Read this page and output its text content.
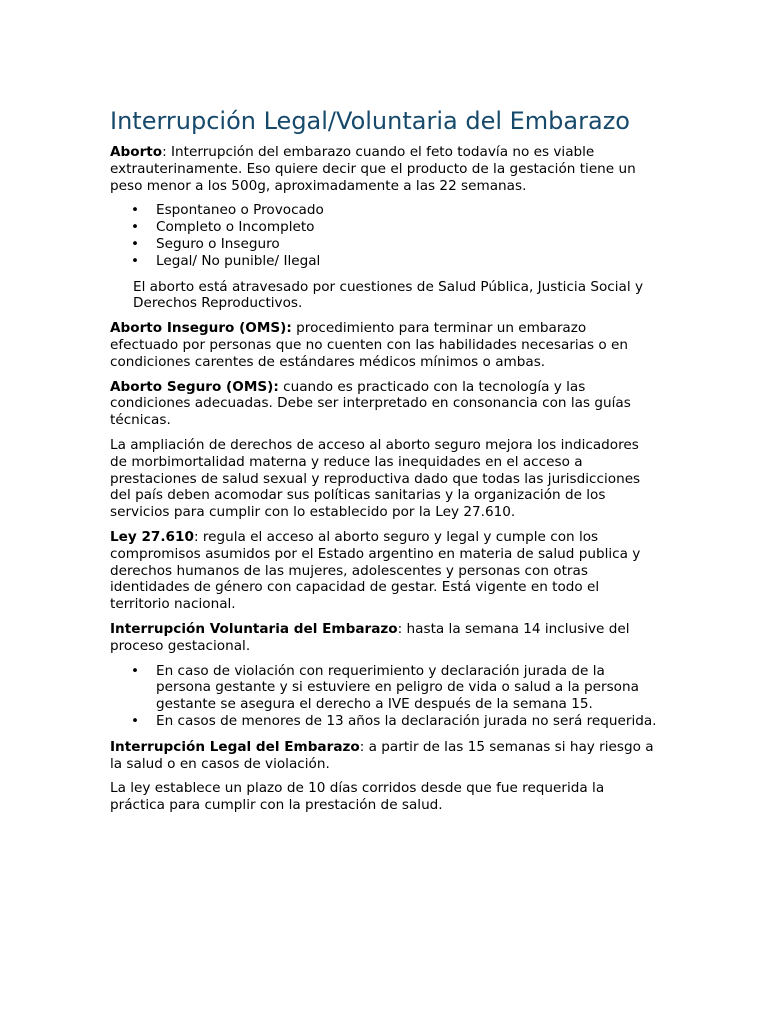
Interrupción Legal/Voluntaria del Embarazo

Aborto: Interrupción del embarazo cuando el feto todavía no es viable extrauterinamente. Eso quiere decir que el producto de la gestación tiene un peso menor a los 500g, aproximadamente a las 22 semanas.

• Espontaneo o Provocado
• Completo o Incompleto
• Seguro o Inseguro
• Legal/ No punible/ Ilegal

El aborto está atravesado por cuestiones de Salud Pública, Justicia Social y Derechos Reproductivos.

Aborto Inseguro (OMS): procedimiento para terminar un embarazo efectuado por personas que no cuenten con las habilidades necesarias o en condiciones carentes de estándares médicos mínimos o ambas.

Aborto Seguro (OMS): cuando es practicado con la tecnología y las condiciones adecuadas. Debe ser interpretado en consonancia con las guías técnicas.

La ampliación de derechos de acceso al aborto seguro mejora los indicadores de morbimortalidad materna y reduce las inequidades en el acceso a prestaciones de salud sexual y reproductiva dado que todas las jurisdicciones del país deben acomodar sus políticas sanitarias y la organización de los servicios para cumplir con lo establecido por la Ley 27.610.

Ley 27.610: regula el acceso al aborto seguro y legal y cumple con los compromisos asumidos por el Estado argentino en materia de salud publica y derechos humanos de las mujeres, adolescentes y personas con otras identidades de género con capacidad de gestar. Está vigente en todo el territorio nacional.

Interrupción Voluntaria del Embarazo: hasta la semana 14 inclusive del proceso gestacional.

• En caso de violación con requerimiento y declaración jurada de la persona gestante y si estuviere en peligro de vida o salud a la persona gestante se asegura el derecho a IVE después de la semana 15.
• En casos de menores de 13 años la declaración jurada no será requerida.

Interrupción Legal del Embarazo: a partir de las 15 semanas si hay riesgo a la salud o en casos de violación.

La ley establece un plazo de 10 días corridos desde que fue requerida la práctica para cumplir con la prestación de salud.
